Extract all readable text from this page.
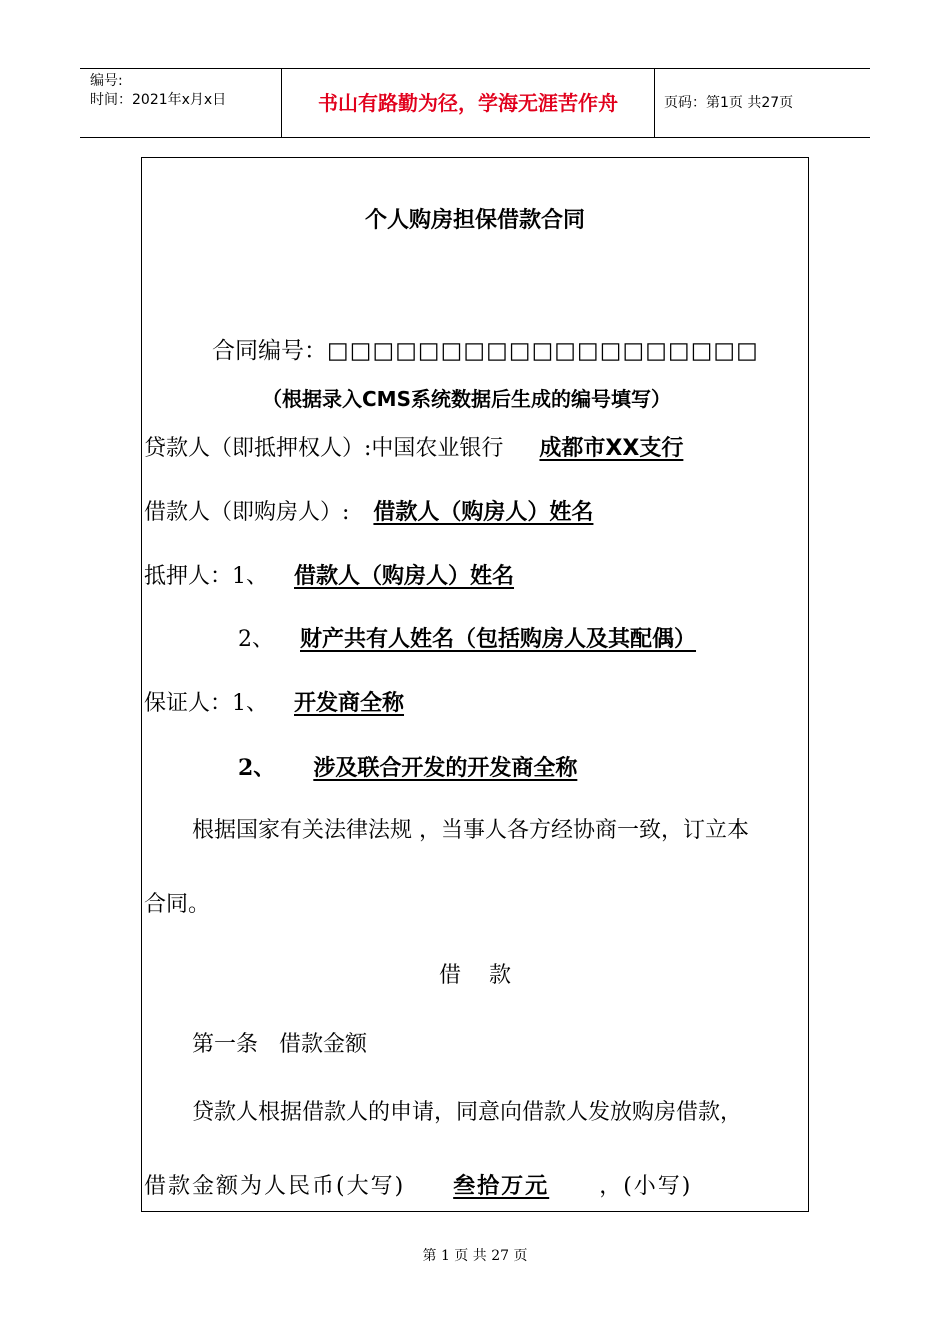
编号:
时间：2021年x月x日	书山有路勤为径，学海无涯苦作舟	页码：第1页 共27页
个人购房担保借款合同
合同编号：□□□□□□□□□□□□□□□□□□□
（根据录入CMS系统数据后生成的编号填写）
贷款人（即抵押权人）:中国农业银行 成都市XX支行
借款人（即购房人）: 借款人（购房人）姓名
抵押人：1、 借款人（购房人）姓名
2、 财产共有人姓名（包括购房人及其配偶）
保证人：1、 开发商全称
2、 涉及联合开发的开发商全称
根据国家有关法律法规 ，当事人各方经协商一致，订立本
合同。
借    款
第一条   借款金额
贷款人根据借款人的申请，同意向借款人发放购房借款，
借款金额为人民币(大写) 叁拾万元 ，(小写)
第 1 页 共 27 页
